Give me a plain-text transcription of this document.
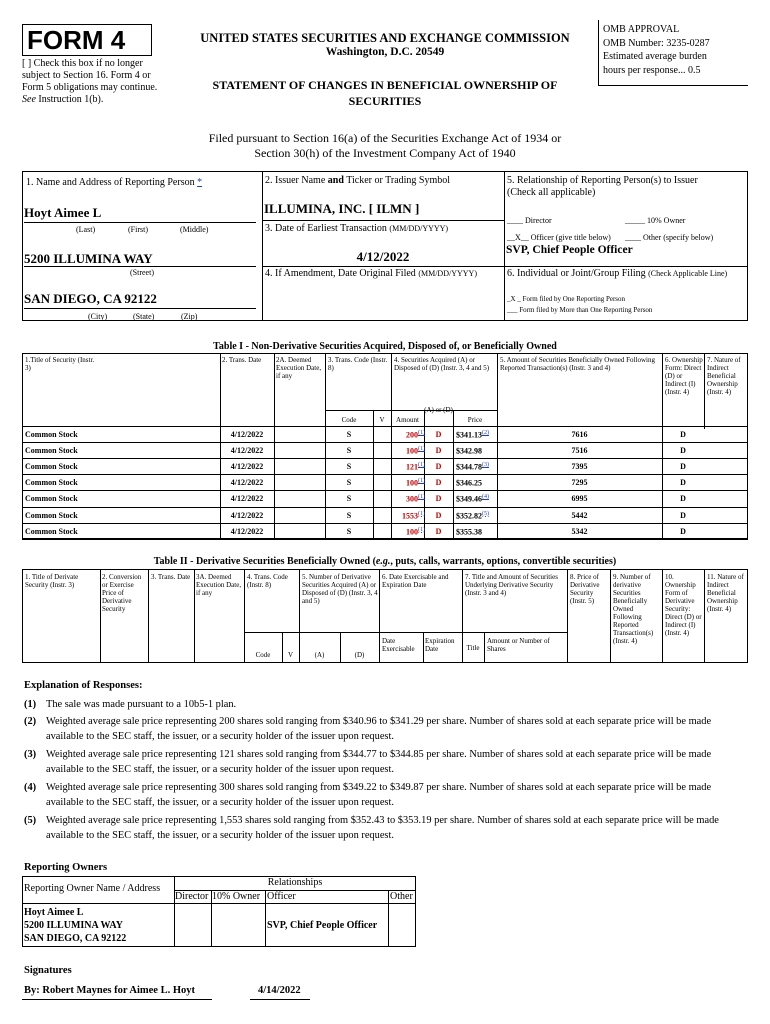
FORM 4
[ ] Check this box if no longer subject to Section 16. Form 4 or Form 5 obligations may continue. See Instruction 1(b).
UNITED STATES SECURITIES AND EXCHANGE COMMISSION
Washington, D.C. 20549
STATEMENT OF CHANGES IN BENEFICIAL OWNERSHIP OF SECURITIES
OMB APPROVAL
OMB Number: 3235-0287
Estimated average burden
hours per response... 0.5
Filed pursuant to Section 16(a) of the Securities Exchange Act of 1934 or
Section 30(h) of the Investment Company Act of 1940
1. Name and Address of Reporting Person *
Hoyt Aimee L
(Last)	(First)	(Middle)
5200 ILLUMINA WAY
(Street)
SAN DIEGO, CA 92122
(City)	(State)	(Zip)
2. Issuer Name and Ticker or Trading Symbol
ILLUMINA, INC. [ ILMN ]
3. Date of Earliest Transaction (MM/DD/YYYY)
4/12/2022
4. If Amendment, Date Original Filed (MM/DD/YYYY)
5. Relationship of Reporting Person(s) to Issuer
(Check all applicable)
____ Director	_____ 10% Owner
__X__ Officer (give title below) ____ Other (specify below)
SVP, Chief People Officer
6. Individual or Joint/Group Filing (Check Applicable Line)
_X _ Form filed by One Reporting Person
___ Form filed by More than One Reporting Person
Table I - Non-Derivative Securities Acquired, Disposed of, or Beneficially Owned
1.Title of Security (Instr. 3)
2. Trans. Date	2A. Deemed Execution Date, if any
3. Trans. Code (Instr. 8)
4. Securities Acquired (A) or Disposed of (D) (Instr. 3, 4 and 5)
5. Amount of Securities Beneficially Owned Following Reported Transaction(s) (Instr. 3 and 4)
6. Ownership Form: Direct (D) or Indirect (I) (Instr. 4)
7. Nature of Indirect Beneficial Ownership (Instr. 4)
Code	V	Amount
(A) or (D)
Price
Common Stock	4/12/2022	S	200$^{(1)}$	D	$341.13$^{(2)}$	7616	D
Common Stock	4/12/2022	S	100$^{(1)}$	D	$342.98	7516	D
Common Stock	4/12/2022	S	121$^{(1)}$	D	$344.78$^{(3)}$	7395	D
Common Stock	4/12/2022	S	100$^{(1)}$	D	$346.25	7295	D
Common Stock	4/12/2022	S	300$^{(1)}$	D	$349.46$^{(4)}$	6995	D
Common Stock	4/12/2022	S	1553$^{(1)}$	D	$352.82$^{(5)}$	5442	D
Common Stock	4/12/2022	S	100$^{(1)}$	D	$355.38	5342	D
Table II - Derivative Securities Beneficially Owned (e.g., puts, calls, warrants, options, convertible securities)
1. Title of Derivate Security (Instr. 3)
2. Conversion or Exercise Price of Derivative Security
3. Trans. Date 3A. Deemed Execution Date, if any
4. Trans. Code (Instr. 8)
5. Number of Derivative Securities Acquired (A) or Disposed of (D) (Instr. 3, 4 and 5)
6. Date Exercisable and Expiration Date
7. Title and Amount of Securities Underlying Derivative Security (Instr. 3 and 4)
8. Price of Derivative Security (Instr. 5)
9. Number of derivative Securities Beneficially Owned Following Reported Transaction(s) (Instr. 4)
10. Ownership Form of Derivative Security: Direct (D) or Indirect (I) (Instr. 4)
11. Nature of Indirect Beneficial Ownership (Instr. 4)
Code	V	(A)	(D)
Date Exercisable
Expiration Date	Title
Amount or Number of Shares
Explanation of Responses:
(1) The sale was made pursuant to a 10b5-1 plan.
(2) Weighted average sale price representing 200 shares sold ranging from $340.96 to $341.29 per share. Number of shares sold at each separate price will be made available to the SEC staff, the issuer, or a security holder of the issuer upon request.
(3) Weighted average sale price representing 121 shares sold ranging from $344.77 to $344.85 per share. Number of shares sold at each separate price will be made available to the SEC staff, the issuer, or a security holder of the issuer upon request.
(4) Weighted average sale price representing 300 shares sold ranging from $349.22 to $349.87 per share. Number of shares sold at each separate price will be made available to the SEC staff, the issuer, or a security holder of the issuer upon request.
(5) Weighted average sale price representing 1,553 shares sold ranging from $352.43 to $353.19 per share. Number of shares sold at each separate price will be made available to the SEC staff, the issuer, or a security holder of the issuer upon request.
Reporting Owners
Reporting Owner Name / Address
Relationships
Director 10% Owner Officer	Other
Hoyt Aimee L
5200 ILLUMINA WAY
SAN DIEGO, CA 92122
SVP, Chief People Officer
Signatures
By: Robert Maynes for Aimee L. Hoyt	4/14/2022
